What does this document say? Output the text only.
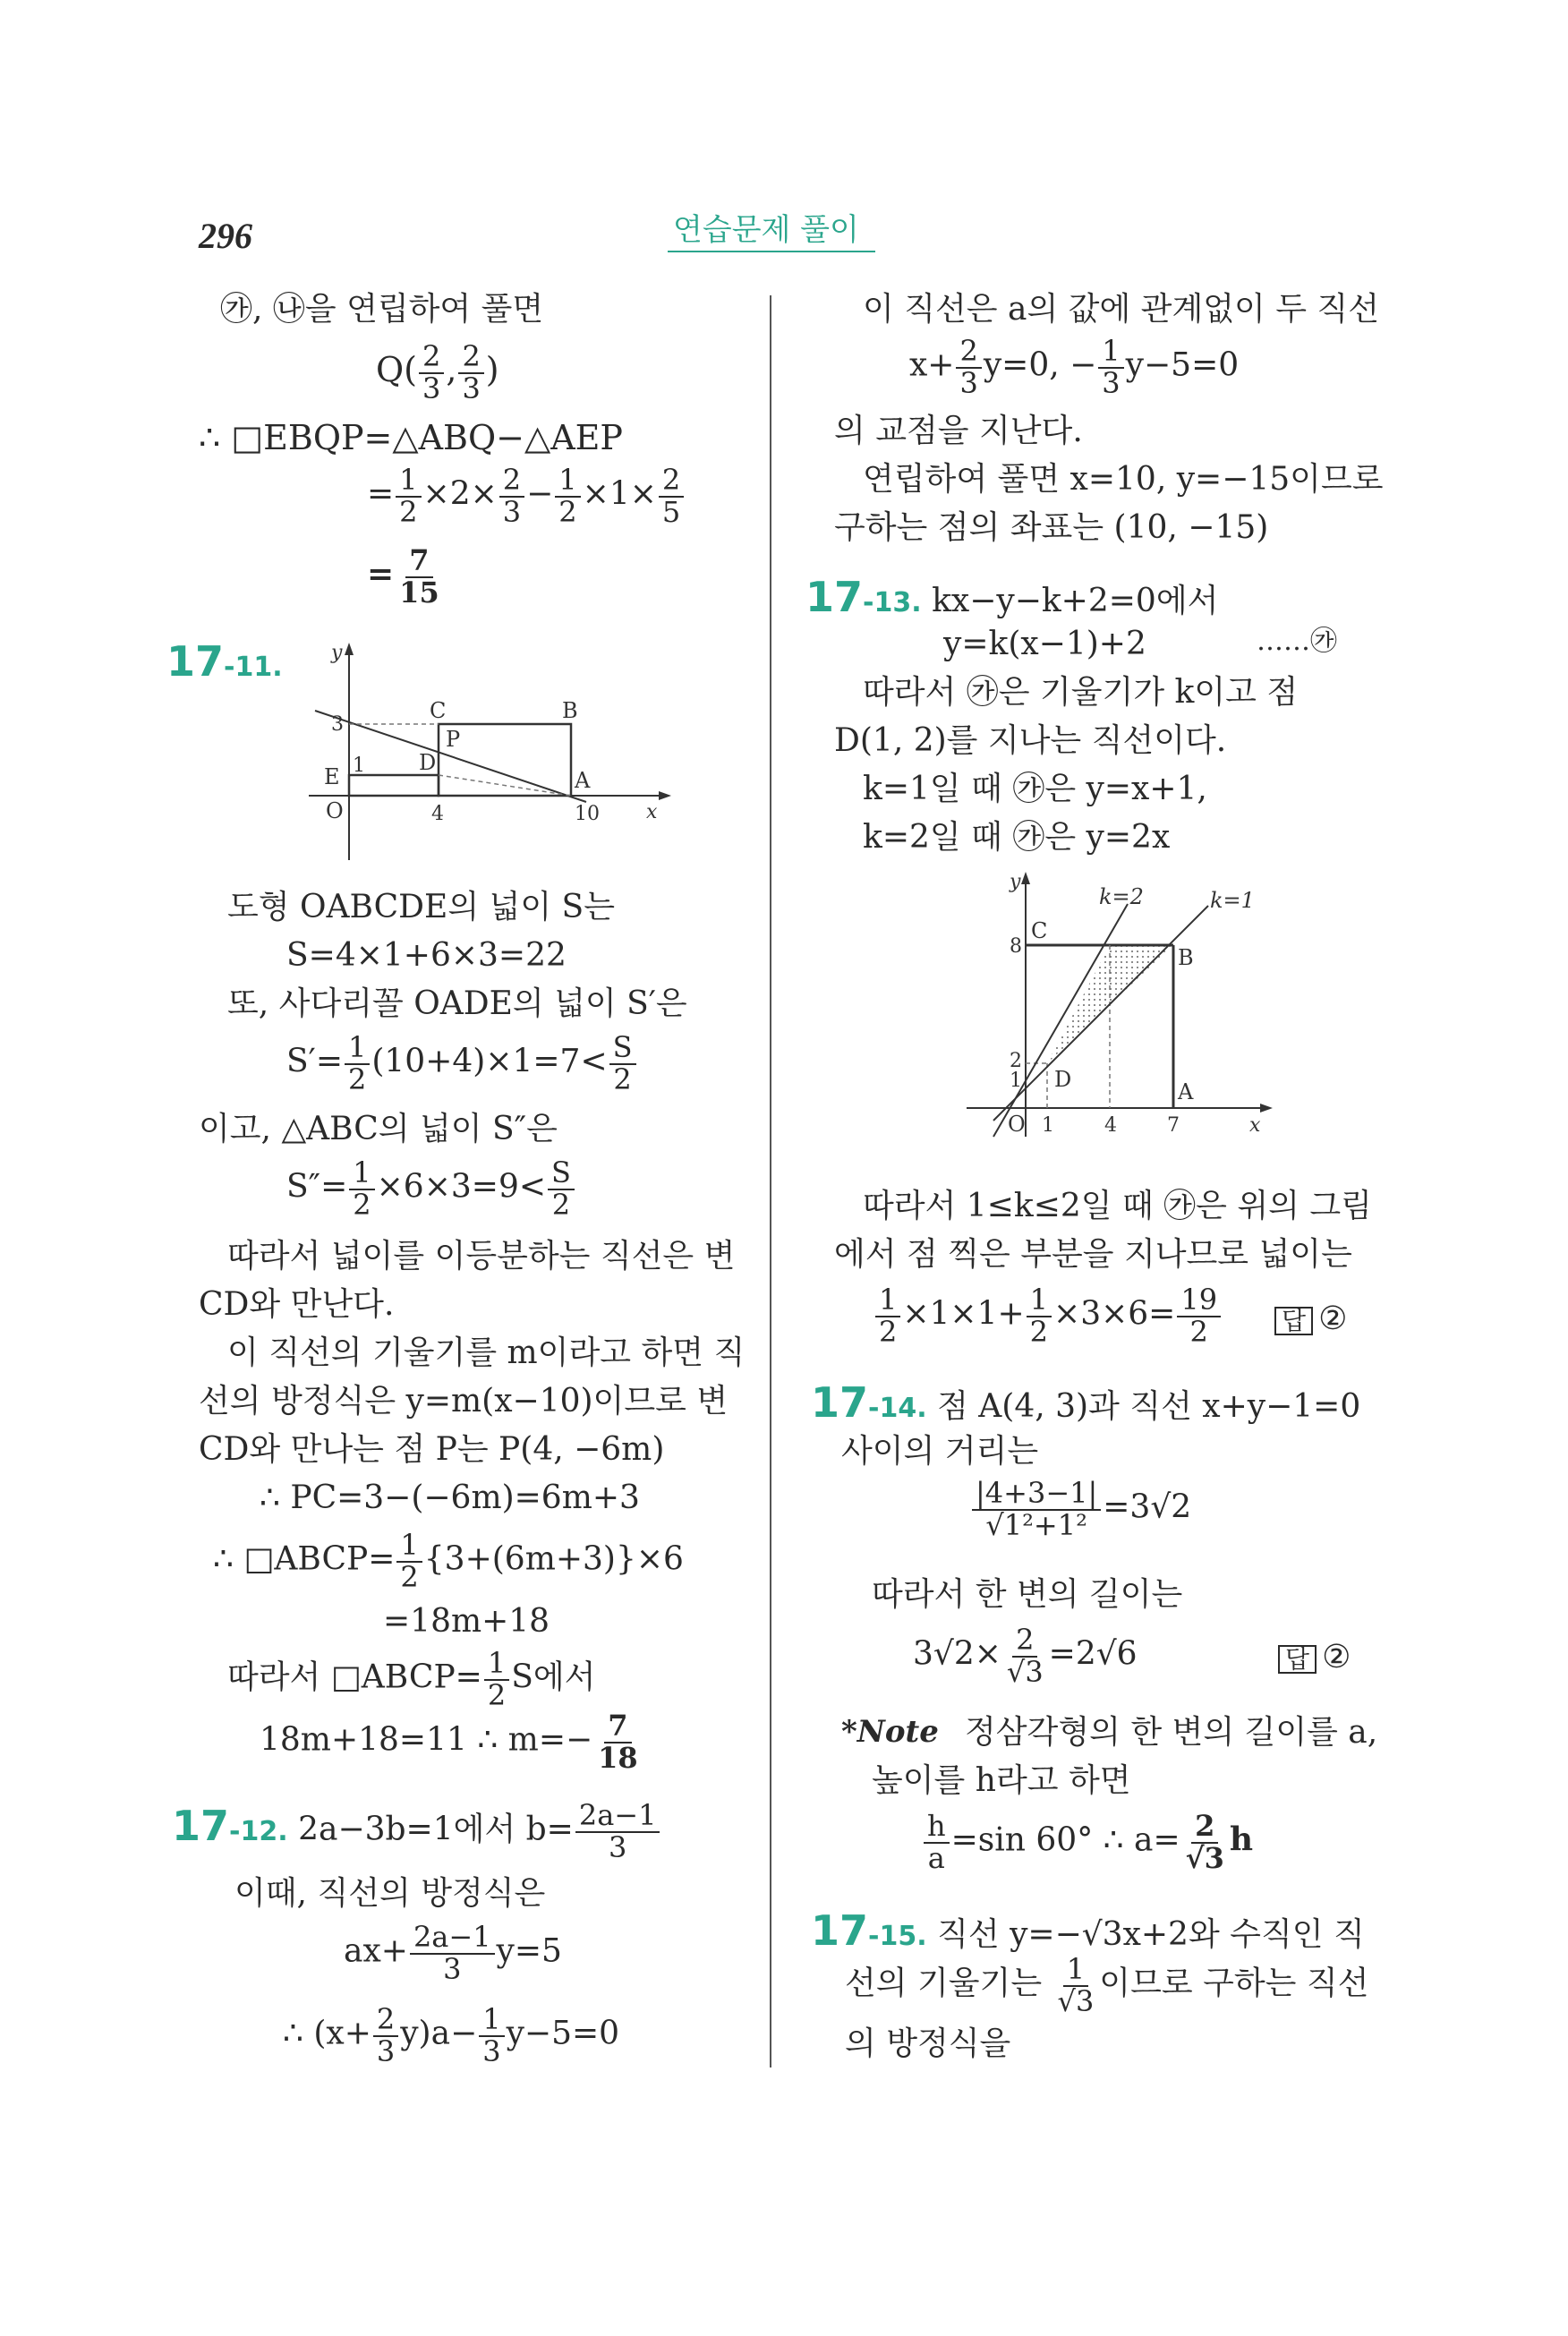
296	연습문제 풀이
㉮, ㉯을 연립하여 풀면
$Q( \frac{2}{3}$ , $\frac{2}{3}$ )
∴ □EBQP=△ABQ−△AEP
= $\frac{1}{2} \times 2\times \frac{2}{3} - \frac{1}{2} \times 1\times \frac{2}{5}$
= $\frac{7}{15}$
17-11. y
x
O
3
1
E
C	B
P
D
A
4	10
도형 OABCDE의 넓이 S는
S=4×1+6×3=22
또, 사다리꼴 OADE의 넓이 S′은
$S'= \frac{1}{2} (10+4)\times 1=7< \frac{S}{2}$
이고, △ABC의 넓이 S″은
$S''= \frac{1}{2} \times 6\times 3=9< \frac{S}{2}$
따라서 넓이를 이등분하는 직선은 변
CD와 만난다.
이 직선의 기울기를 m이라고 하면 직
선의 방정식은 y=m(x−10)이므로 변
CD와 만나는 점 P는 P(4, −6m)
∴ PC=3−(−6m)=6m+3
∴ □ABCP= $\frac{1}{2} \{3+(6m+3)\}\times 6$
=18m+18
따라서 □ABCP= $\frac{1}{2}$ S에서
18m+18=11 ∴ $m=- \frac{7}{18}$
17-12. 2a−3b=1에서 $b= \frac{2a-1}{3}$
이때, 직선의 방정식은
$ax+ \frac{2a-1}{3} y=5$
∴ $(x+ \frac{2}{3} y)a- \frac{1}{3} y-5=0$
이 직선은 a의 값에 관계없이 두 직선
$x+ \frac{2}{3} y=0$, − $\frac{1}{3} y-5=0$
의 교점을 지난다.
연립하여 풀면 x=10, y=−15이므로
구하는 점의 좌표는 (10, −15)
17-13. kx−y−k+2=0에서
y=k(x−1)+2	……㉮
따라서 ㉮은 기울기가 k이고 점
D(1, 2)를 지나는 직선이다.
k=1일 때 ㉮은 y=x+1,
k=2일 때 ㉮은 y=2x
y
x
O
k=2	k=1
8
C
B
2
1 D	A
1	4	7
따라서 1≤k≤2일 때 ㉮은 위의 그림
에서 점 찍은 부분을 지나므로 넓이는
$\frac{1}{2} \times 1\times 1+ \frac{1}{2} \times 3\times 6= \frac{19}{2}$ 답 ②
17-14. 점 A(4, 3)과 직선 x+y−1=0
사이의 거리는
$\frac{|4+3-1|}{\text{√1²+1²}} =3√2$
따라서 한 변의 길이는
$3√2\times \frac{2}{√3} =2√6$	답 ②
*Note 정삼각형의 한 변의 길이를 a,
높이를 h라고 하면
$\frac{h}{a} =\sin$ 60° ∴ $a= \frac{2}{√3}$ h
17-15. 직선 y=−√3x+2와 수직인 직
선의 기울기는 $\frac{1}{√3}$ 이므로 구하는 직선
의 방정식을
